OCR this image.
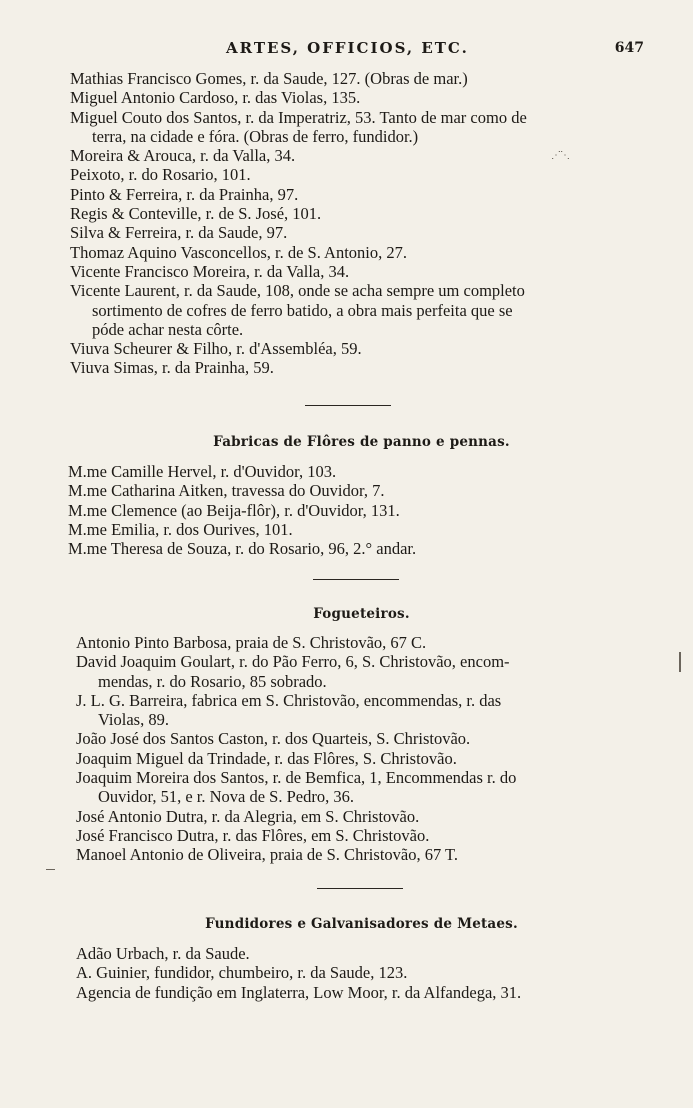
ARTES, OFFICIOS, ETC.	647
Mathias Francisco Gomes, r. da Saude, 127. (Obras de mar.)
Miguel Antonio Cardoso, r. das Violas, 135.
Miguel Couto dos Santos, r. da Imperatriz, 53. Tanto de mar como de
terra, na cidade e fóra. (Obras de ferro, fundidor.)
Moreira & Arouca, r. da Valla, 34.
Peixoto, r. do Rosario, 101.
Pinto & Ferreira, r. da Prainha, 97.
Regis & Conteville, r. de S. José, 101.
Silva & Ferreira, r. da Saude, 97.
Thomaz Aquino Vasconcellos, r. de S. Antonio, 27.
Vicente Francisco Moreira, r. da Valla, 34.
Vicente Laurent, r. da Saude, 108, onde se acha sempre um completo
sortimento de cofres de ferro batido, a obra mais perfeita que se
póde achar nesta côrte.
Viuva Scheurer & Filho, r. d'Assembléa, 59.
Viuva Simas, r. da Prainha, 59.
Fabricas de Flôres de panno e pennas.
M.me Camille Hervel, r. d'Ouvidor, 103.
M.me Catharina Aitken, travessa do Ouvidor, 7.
M.me Clemence (ao Beija-flôr), r. d'Ouvidor, 131.
M.me Emilia, r. dos Ourives, 101.
M.me Theresa de Souza, r. do Rosario, 96, 2.° andar.
Fogueteiros.
Antonio Pinto Barbosa, praia de S. Christovão, 67 C.
David Joaquim Goulart, r. do Pão Ferro, 6, S. Christovão, encom-
mendas, r. do Rosario, 85 sobrado.
J. L. G. Barreira, fabrica em S. Christovão, encommendas, r. das
Violas, 89.
João José dos Santos Caston, r. dos Quarteis, S. Christovão.
Joaquim Miguel da Trindade, r. das Flôres, S. Christovão.
Joaquim Moreira dos Santos, r. de Bemfica, 1, Encommendas r. do
Ouvidor, 51, e r. Nova de S. Pedro, 36.
José Antonio Dutra, r. da Alegria, em S. Christovão.
José Francisco Dutra, r. das Flôres, em S. Christovão.
Manoel Antonio de Oliveira, praia de S. Christovão, 67 T.
Fundidores e Galvanisadores de Metaes.
Adão Urbach, r. da Saude.
A. Guinier, fundidor, chumbeiro, r. da Saude, 123.
Agencia de fundição em Inglaterra, Low Moor, r. da Alfandega, 31.
⋰⋱
